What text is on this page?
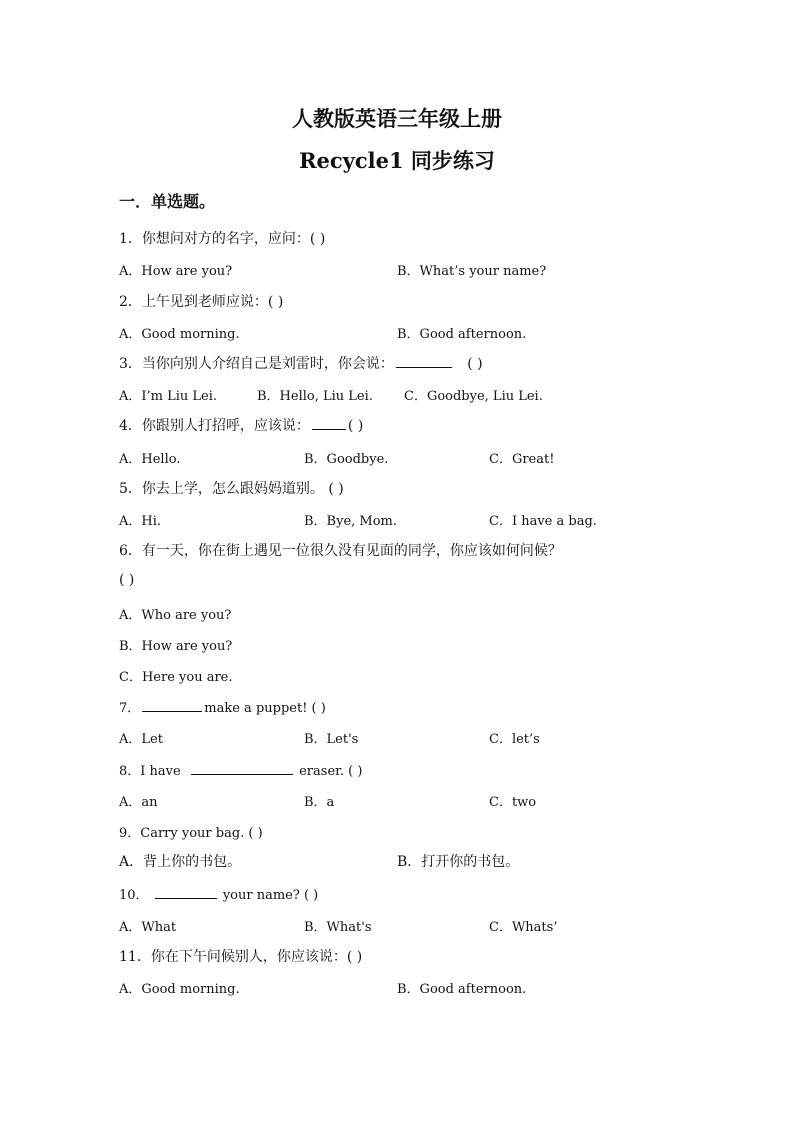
人教版英语三年级上册
Recycle1 同步练习
一．单选题。
1．你想问对方的名字，应问：( )
A．How are you?	B．What’s your name?
2．上午见到老师应说：( )
A．Good morning.	B．Good afternoon.
3．当你向别人介绍自己是刘雷时，你会说：	( )
A．I’m Liu Lei.	B．Hello, Liu Lei. C．Goodbye, Liu Lei.
4．你跟别人打招呼，应该说：	( )
A．Hello.	B．Goodbye.	C．Great!
5．你去上学，怎么跟妈妈道别。 ( )
A．Hi.	B．Bye, Mom.	C．I have a bag.
6．有一天，你在街上遇见一位很久没有见面的同学，你应该如何问候？
( )
A．Who are you?
B．How are you?
C．Here you are.
7．	make a puppet! ( )
A．Let	B．Let's	C．let’s
8．I have	eraser. ( )
A．an	B．a	C．two
9．Carry your bag. ( )
A．背上你的书包。	B．打开你的书包。
10．	your name? ( )
A．What	B．What's	C．Whats’
11．你在下午问候别人，你应该说：( )
A．Good morning.	B．Good afternoon.
